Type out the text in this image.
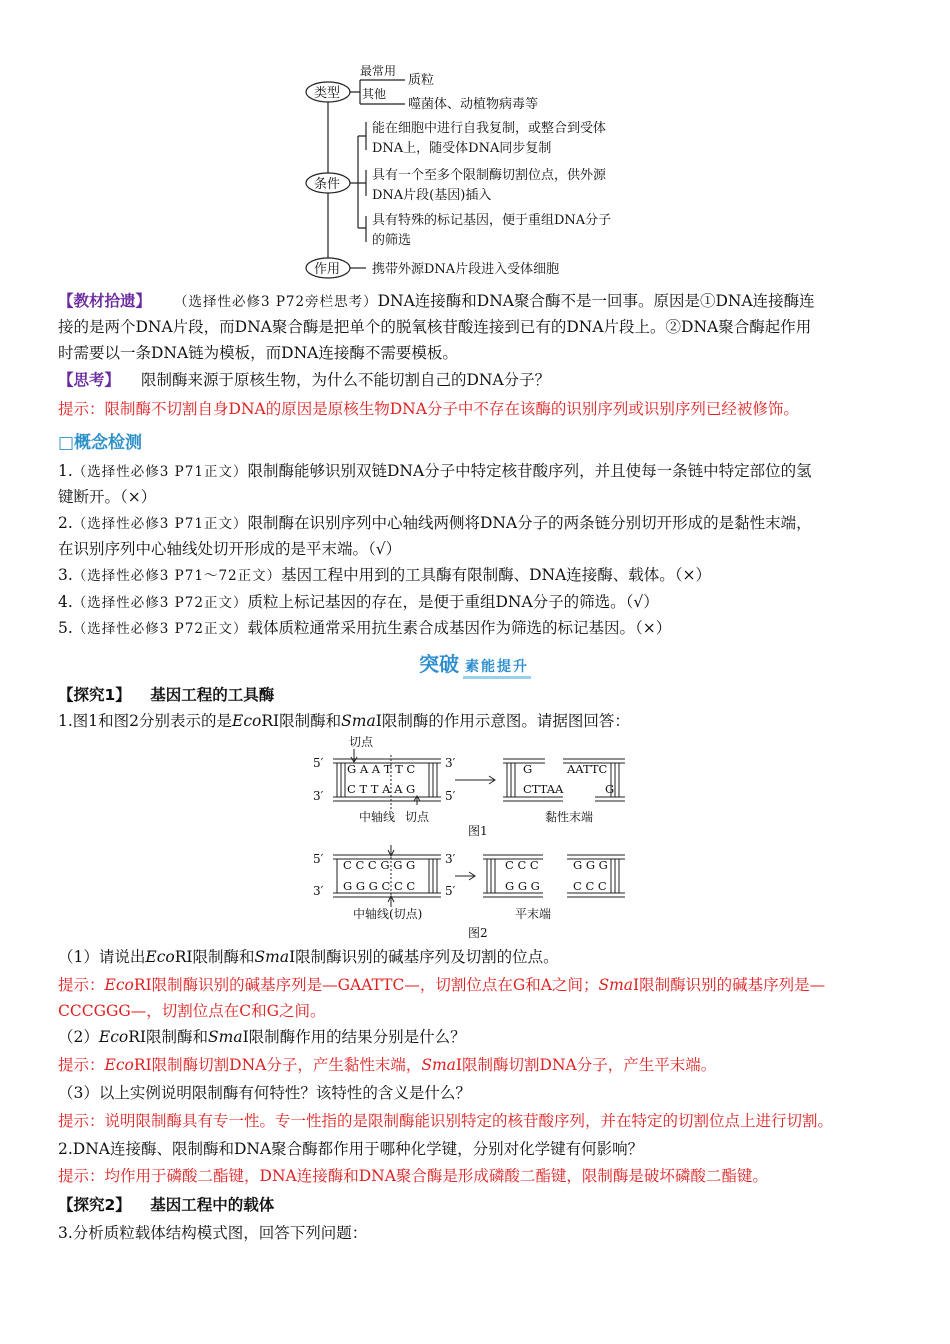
类型
条件
作用
最常用
质粒
其他
噬菌体、动植物病毒等
能在细胞中进行自我复制，或整合到受体
DNA上，随受体DNA同步复制
具有一个至多个限制酶切割位点，供外源
DNA片段(基因)插入
具有特殊的标记基因，便于重组DNA分子
的筛选
携带外源DNA片段进入受体细胞
【教材拾遗】 （选择性必修3 P72旁栏思考）DNA连接酶和DNA聚合酶不是一回事。原因是①DNA连接酶连
接的是两个DNA片段，而DNA聚合酶是把单个的脱氧核苷酸连接到已有的DNA片段上。②DNA聚合酶起作用
时需要以一条DNA链为模板，而DNA连接酶不需要模板。
【思考】 限制酶来源于原核生物，为什么不能切割自己的DNA分子？
提示：限制酶不切割自身DNA的原因是原核生物DNA分子中不存在该酶的识别序列或识别序列已经被修饰。
□概念检测
1.（选择性必修3 P71正文）限制酶能够识别双链DNA分子中特定核苷酸序列，并且使每一条链中特定部位的氢
键断开。（×）
2.（选择性必修3 P71正文）限制酶在识别序列中心轴线两侧将DNA分子的两条链分别切开形成的是黏性末端，
在识别序列中心轴线处切开形成的是平末端。（√）
3.（选择性必修3 P71～72正文）基因工程中用到的工具酶有限制酶、DNA连接酶、载体。（×）
4.（选择性必修3 P72正文）质粒上标记基因的存在，是便于重组DNA分子的筛选。（√）
5.（选择性必修3 P72正文）载体质粒通常采用抗生素合成基因作为筛选的标记基因。（×）
突破 素能提升
【探究1】 基因工程的工具酶
1.图1和图2分别表示的是EcoRI限制酶和SmaI限制酶的作用示意图。请据图回答：
切点
5′
3′
3′
5′
G A A T T C
C T T A A G
中轴线 切点
G
CTTAA
AATTC
G
黏性末端
图1
5′
3′
3′
5′
C C C G G G
G G G C C C
C C C
G G G
G G G
C C C
中轴线(切点)	平末端
图2
（1）请说出EcoRI限制酶和SmaI限制酶识别的碱基序列及切割的位点。
提示：EcoRI限制酶识别的碱基序列是—GAATTC—，切割位点在G和A之间；SmaI限制酶识别的碱基序列是—
CCCGGG—，切割位点在C和G之间。
（2）EcoRI限制酶和SmaI限制酶作用的结果分别是什么？
提示：EcoRI限制酶切割DNA分子，产生黏性末端，SmaI限制酶切割DNA分子，产生平末端。
（3）以上实例说明限制酶有何特性？该特性的含义是什么？
提示：说明限制酶具有专一性。专一性指的是限制酶能识别特定的核苷酸序列，并在特定的切割位点上进行切割。
2.DNA连接酶、限制酶和DNA聚合酶都作用于哪种化学键，分别对化学键有何影响？
提示：均作用于磷酸二酯键，DNA连接酶和DNA聚合酶是形成磷酸二酯键，限制酶是破坏磷酸二酯键。
【探究2】 基因工程中的载体
3.分析质粒载体结构模式图，回答下列问题：
